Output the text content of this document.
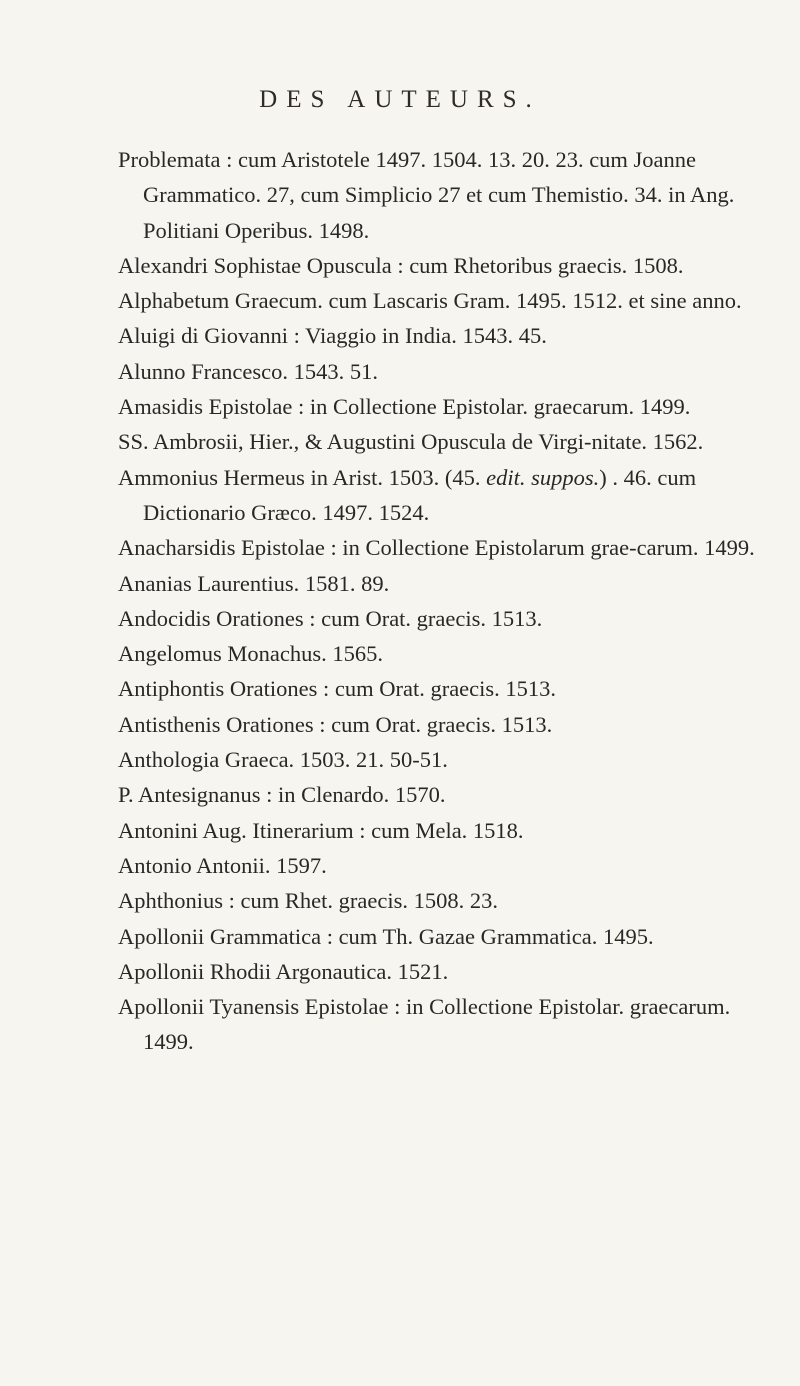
DES AUTEURS.
Problemata : cum Aristotele 1497. 1504. 13. 20. 23. cum Joanne Grammatico. 27, cum Simplicio 27 et cum Themistio. 34. in Ang. Politiani Operibus. 1498.
Alexandri Sophistae Opuscula : cum Rhetoribus graecis. 1508.
Alphabetum Graecum. cum Lascaris Gram. 1495. 1512. et sine anno.
Aluigi di Giovanni : Viaggio in India. 1543. 45.
Alunno Francesco. 1543. 51.
Amasidis Epistolae : in Collectione Epistolar. graecarum. 1499.
SS. Ambrosii, Hier., & Augustini Opuscula de Virgi-nitate. 1562.
Ammonius Hermeus in Arist. 1503. (45. edit. suppos.) . 46. cum Dictionario Græco. 1497. 1524.
Anacharsidis Epistolae : in Collectione Epistolarum grae-carum. 1499.
Ananias Laurentius. 1581. 89.
Andocidis Orationes : cum Orat. graecis. 1513.
Angelomus Monachus. 1565.
Antiphontis Orationes : cum Orat. graecis. 1513.
Antisthenis Orationes : cum Orat. graecis. 1513.
Anthologia Graeca. 1503. 21. 50-51.
P. Antesignanus : in Clenardo. 1570.
Antonini Aug. Itinerarium : cum Mela. 1518.
Antonio Antonii. 1597.
Aphthonius : cum Rhet. graecis. 1508. 23.
Apollonii Grammatica : cum Th. Gazae Grammatica. 1495.
Apollonii Rhodii Argonautica. 1521.
Apollonii Tyanensis Epistolae : in Collectione Epistolar. graecarum. 1499.
